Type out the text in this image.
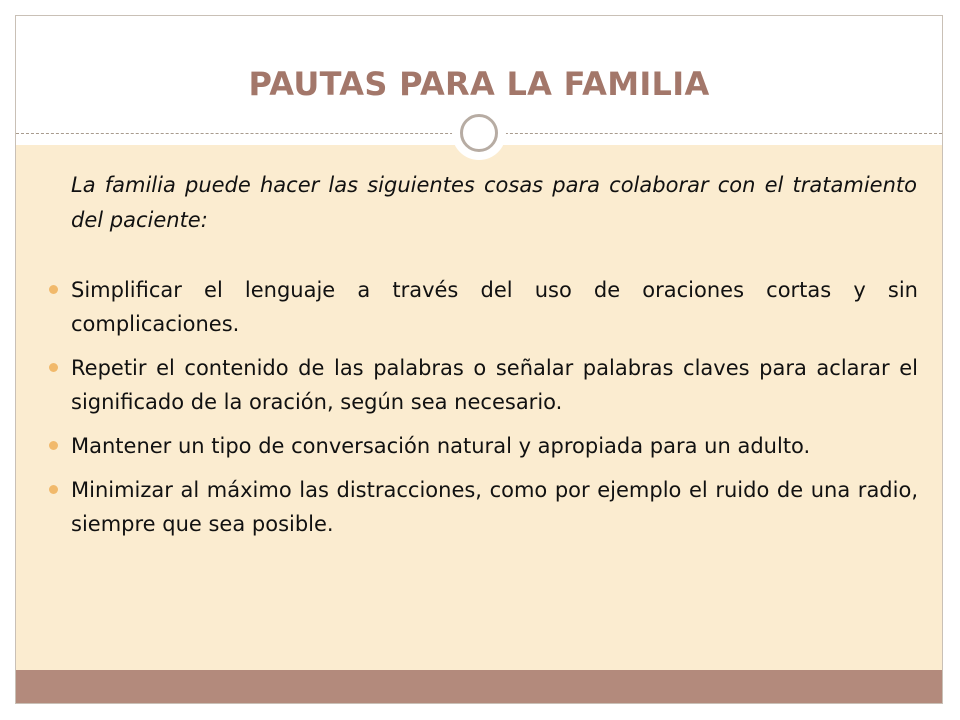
PAUTAS PARA LA FAMILIA
La familia puede hacer las siguientes cosas para colaborar con el tratamiento del paciente:
Simplificar el lenguaje a través del uso de oraciones cortas y sin complicaciones.
Repetir el contenido de las palabras o señalar palabras claves para aclarar el significado de la oración, según sea necesario.
Mantener un tipo de conversación natural y apropiada para un adulto.
Minimizar al máximo las distracciones, como por ejemplo el ruido de una radio, siempre que sea posible.
